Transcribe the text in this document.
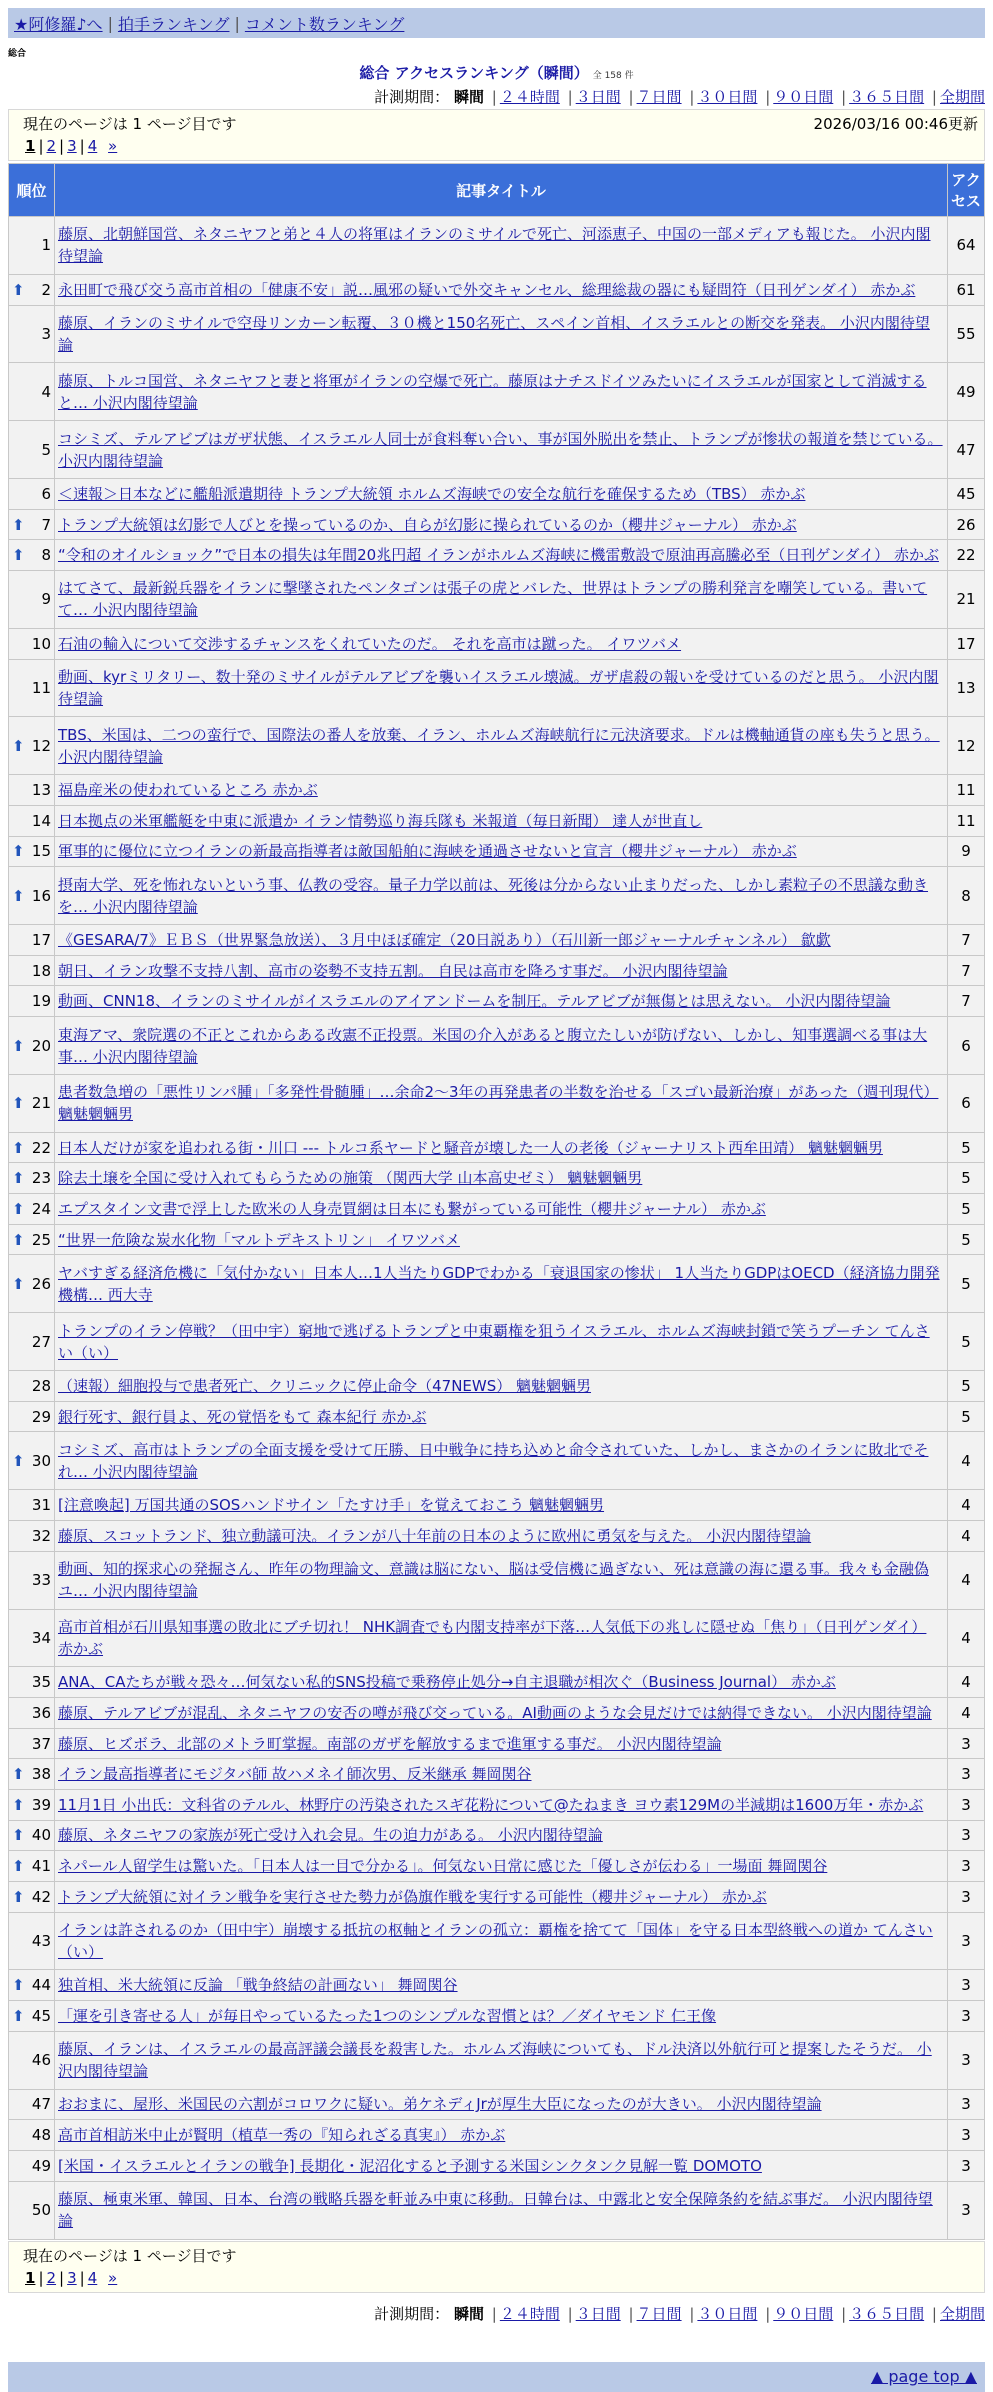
★阿修羅♪へ | 拍手ランキング | コメント数ランキング
総合
総合 アクセスランキング（瞬間） 全 158 件
計測期間： 瞬間 | ２４時間 | ３日間 | ７日間 | ３０日間 | ９０日間 | ３６５日間 | 全期間
現在のページは 1 ページ目です	2026/03/16 00:46更新
1 | 2 | 3 | 4 »
順位	記事タイトル	アクセス
1	藤原、北朝鮮国営、ネタニヤフと弟と４人の将軍はイランのミサイルで死亡、河添恵子、中国の一部メディアも報じた。 小沢内閣待望論	64

⬆ 2	永田町で飛び交う高市首相の「健康不安」説…風邪の疑いで外交キャンセル、総理総裁の器にも疑問符（日刊ゲンダイ） 赤かぶ	61
3	藤原、イランのミサイルで空母リンカーン転覆、３０機と150名死亡、スペイン首相、イスラエルとの断交を発表。 小沢内閣待望論	55
4	藤原、トルコ国営、ネタニヤフと妻と将軍がイランの空爆で死亡。藤原はナチスドイツみたいにイスラエルが国家として消滅すると… 小沢内閣待望論	49
5	コシミズ、テルアビブはガザ状態、イスラエル人同士が食料奪い合い、事が国外脱出を禁止、トランプが惨状の報道を禁じている。 小沢内閣待望論	47
6	＜速報＞日本などに艦船派遣期待 トランプ大統領 ホルムズ海峡での安全な航行を確保するため（TBS） 赤かぶ	45

⬆ 7	トランプ大統領は幻影で人びとを操っているのか、自らが幻影に操られているのか（櫻井ジャーナル） 赤かぶ	26

⬆ 8	“令和のオイルショック”で日本の損失は年間20兆円超 イランがホルムズ海峡に機雷敷設で原油再高騰必至（日刊ゲンダイ） 赤かぶ	22
9	はてさて、最新鋭兵器をイランに撃墜されたペンタゴンは張子の虎とバレた、世界はトランプの勝利発言を嘲笑している。書いてて… 小沢内閣待望論	21
10	石油の輸入について交渉するチャンスをくれていたのだ。 それを高市は蹴った。 イワツバメ	17
11	動画、kyrミリタリー、数十発のミサイルがテルアビブを襲いイスラエル壊滅。ガザ虐殺の報いを受けているのだと思う。 小沢内閣待望論	13

⬆ 12	TBS、米国は、二つの蛮行で、国際法の番人を放棄、イラン、ホルムズ海峡航行に元決済要求。ドルは機軸通貨の座も失うと思う。 小沢内閣待望論	12
13	福島産米の使われているところ 赤かぶ	11
14	日本拠点の米軍艦艇を中東に派遣か イラン情勢巡り海兵隊も 米報道（毎日新聞） 達人が世直し	11

⬆ 15	軍事的に優位に立つイランの新最高指導者は敵国船舶に海峡を通過させないと宣言（櫻井ジャーナル） 赤かぶ	9

⬆ 16	摂南大学、死を怖れないという事、仏教の受容。量子力学以前は、死後は分からない止まりだった、しかし素粒子の不思議な動きを… 小沢内閣待望論	8
17	《GESARA/7》ＥＢＳ（世界緊急放送）、３月中ほぼ確定（20日説あり）（石川新一郎ジャーナルチャンネル） 歙歔	7
18	朝日、イラン攻撃不支持八割、高市の姿勢不支持五割。 自民は高市を降ろす事だ。 小沢内閣待望論	7
19	動画、CNN18、イランのミサイルがイスラエルのアイアンドームを制圧。テルアビブが無傷とは思えない。 小沢内閣待望論	7

⬆ 20	東海アマ、衆院選の不正とこれからある改憲不正投票。米国の介入があると腹立たしいが防げない、しかし、知事選調べる事は大事… 小沢内閣待望論	6

⬆ 21	患者数急増の「悪性リンパ腫」「多発性骨髄腫」…余命2～3年の再発患者の半数を治せる「スゴい最新治療」があった（週刊現代） 魑魅魍魎男	6

⬆ 22	日本人だけが家を追われる街・川口 --- トルコ系ヤードと騒音が壊した一人の老後（ジャーナリスト西牟田靖） 魑魅魍魎男	5

⬆ 23	除去土壌を全国に受け入れてもらうための施策 （関西大学 山本高史ゼミ） 魑魅魍魎男	5

⬆ 24	エプスタイン文書で浮上した欧米の人身売買網は日本にも繋がっている可能性（櫻井ジャーナル） 赤かぶ	5

⬆ 25	“世界一危険な炭水化物「マルトデキストリン」 イワツバメ	5

⬆ 26	ヤバすぎる経済危機に「気付かない」日本人…1人当たりGDPでわかる「衰退国家の惨状」 1人当たりGDPはOECD（経済協力開発機構… 西大寺	5
27	トランプのイラン停戦？（田中宇）窮地で逃げるトランプと中東覇権を狙うイスラエル、ホルムズ海峡封鎖で笑うプーチン てんさい（い）	5
28	（速報）細胞投与で患者死亡、クリニックに停止命令（47NEWS） 魑魅魍魎男	5
29	銀行死す、銀行員よ、死の覚悟をもて 森本紀行 赤かぶ	5

⬆ 30	コシミズ、高市はトランプの全面支援を受けて圧勝、日中戦争に持ち込めと命令されていた、しかし、まさかのイランに敗北でそれ… 小沢内閣待望論	4
31	[注意喚起] 万国共通のSOSハンドサイン「たすけ手」を覚えておこう 魑魅魍魎男	4
32	藤原、スコットランド、独立動議可決。イランが八十年前の日本のように欧州に勇気を与えた。 小沢内閣待望論	4
33	動画、知的探求心の発掘さん、昨年の物理論文、意識は脳にない、脳は受信機に過ぎない、死は意識の海に還る事。我々も金融偽ユ… 小沢内閣待望論	4
34	高市首相が石川県知事選の敗北にブチ切れ！ NHK調査でも内閣支持率が下落…人気低下の兆しに隠せぬ「焦り」（日刊ゲンダイ） 赤かぶ	4
35	ANA、CAたちが戦々恐々…何気ない私的SNS投稿で乗務停止処分→自主退職が相次ぐ（Business Journal） 赤かぶ	4
36	藤原、テルアビブが混乱、ネタニヤフの安否の噂が飛び交っている。AI動画のような会見だけでは納得できない。 小沢内閣待望論	4
37	藤原、ヒズボラ、北部のメトラ町掌握。南部のガザを解放するまで進軍する事だ。 小沢内閣待望論	3

⬆ 38	イラン最高指導者にモジタバ師 故ハメネイ師次男、反米継承 舞岡関谷	3

⬆ 39	11月1日 小出氏：文科省のテルル、林野庁の汚染されたスギ花粉について@たねまき ヨウ素129Mの半減期は1600万年・赤かぶ	3

⬆ 40	藤原、ネタニヤフの家族が死亡受け入れ会見。生の迫力がある。 小沢内閣待望論	3

⬆ 41	ネパール人留学生は驚いた。「日本人は一目で分かる」。何気ない日常に感じた「優しさが伝わる」一場面 舞岡関谷	3

⬆ 42	トランプ大統領に対イラン戦争を実行させた勢力が偽旗作戦を実行する可能性（櫻井ジャーナル） 赤かぶ	3
43	イランは許されるのか（田中宇）崩壊する抵抗の枢軸とイランの孤立：覇権を捨てて「国体」を守る日本型終戦への道か てんさい（い）	3

⬆ 44	独首相、米大統領に反論 「戦争終結の計画ない」 舞岡関谷	3

⬆ 45	「運を引き寄せる人」が毎日やっているたった1つのシンプルな習慣とは？／ダイヤモンド 仁王像	3
46	藤原、イランは、イスラエルの最高評議会議長を殺害した。ホルムズ海峡についても、ドル決済以外航行可と提案したそうだ。 小沢内閣待望論	3
47	おおまに、屋形、米国民の六割がコロワクに疑い。弟ケネディJrが厚生大臣になったのが大きい。 小沢内閣待望論	3
48	高市首相訪米中止が賢明（植草一秀の『知られざる真実』） 赤かぶ	3
49	[米国・イスラエルとイランの戦争] 長期化・泥沼化すると予測する米国シンクタンク見解一覧 DOMOTO	3
50	藤原、極東米軍、韓国、日本、台湾の戦略兵器を軒並み中東に移動。日韓台は、中露北と安全保障条約を結ぶ事だ。 小沢内閣待望論	3
現在のページは 1 ページ目です
1 | 2 | 3 | 4 »
計測期間： 瞬間 | ２４時間 | ３日間 | ７日間 | ３０日間 | ９０日間 | ３６５日間 | 全期間
▲ page top ▲
